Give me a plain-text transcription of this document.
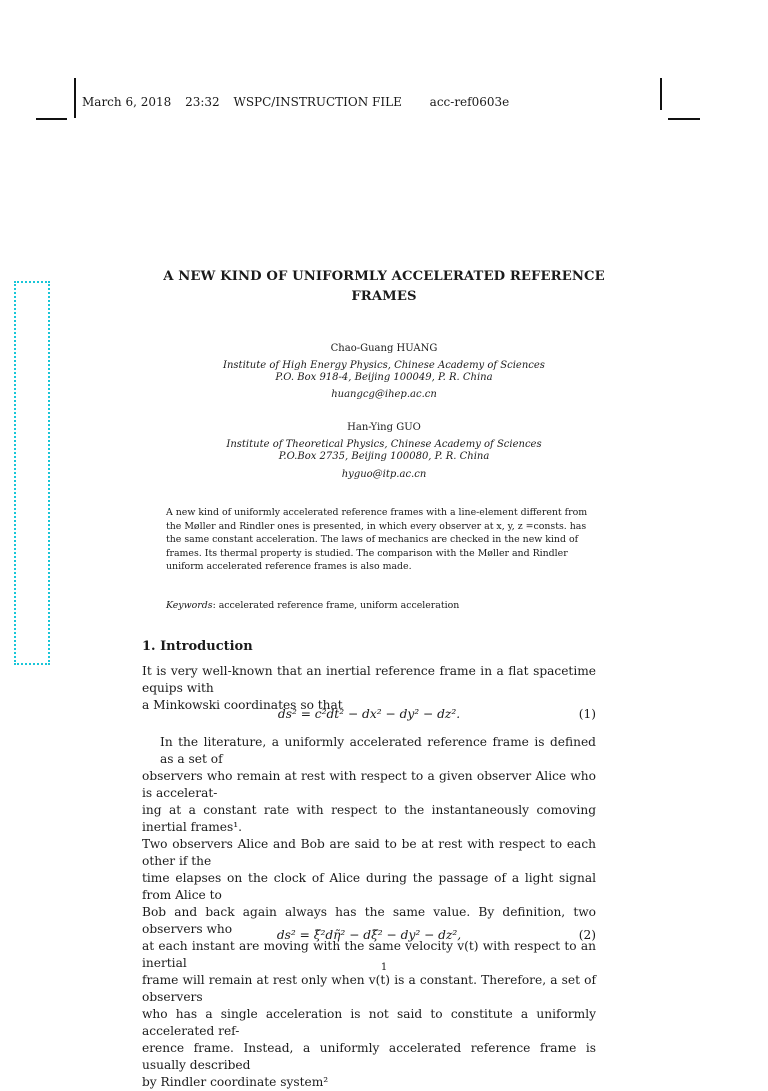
March 6, 2018 23:32 WSPC/INSTRUCTION FILE acc-ref0603e
A NEW KIND OF UNIFORMLY ACCELERATED REFERENCE
FRAMES
Chao-Guang HUANG
Institute of High Energy Physics, Chinese Academy of Sciences
P.O. Box 918-4, Beijing 100049, P. R. China
huangcg@ihep.ac.cn
Han-Ying GUO
Institute of Theoretical Physics, Chinese Academy of Sciences
P.O.Box 2735, Beijing 100080, P. R. China
hyguo@itp.ac.cn
A new kind of uniformly accelerated reference frames with a line-element different from
the Møller and Rindler ones is presented, in which every observer at x, y, z =consts. has
the same constant acceleration. The laws of mechanics are checked in the new kind of
frames. Its thermal property is studied. The comparison with the Møller and Rindler
uniform accelerated reference frames is also made.
Keywords: accelerated reference frame, uniform acceleration
1. Introduction
It is very well-known that an inertial reference frame in a flat spacetime equips with
a Minkowski coordinates so that
ds² = c²dt² − dx² − dy² − dz².	(1)
In the literature, a uniformly accelerated reference frame is defined as a set of
observers who remain at rest with respect to a given observer Alice who is accelerat-
ing at a constant rate with respect to the instantaneously comoving inertial frames¹.
Two observers Alice and Bob are said to be at rest with respect to each other if the
time elapses on the clock of Alice during the passage of a light signal from Alice to
Bob and back again always has the same value. By definition, two observers who
at each instant are moving with the same velocity v(t) with respect to an inertial
frame will remain at rest only when v(t) is a constant. Therefore, a set of observers
who has a single acceleration is not said to constitute a uniformly accelerated ref-
erence frame. Instead, a uniformly accelerated reference frame is usually described
by Rindler coordinate system²
ds² = ξ̃²dη̃² − dξ̃² − dy² − dz²,	(2)
1
